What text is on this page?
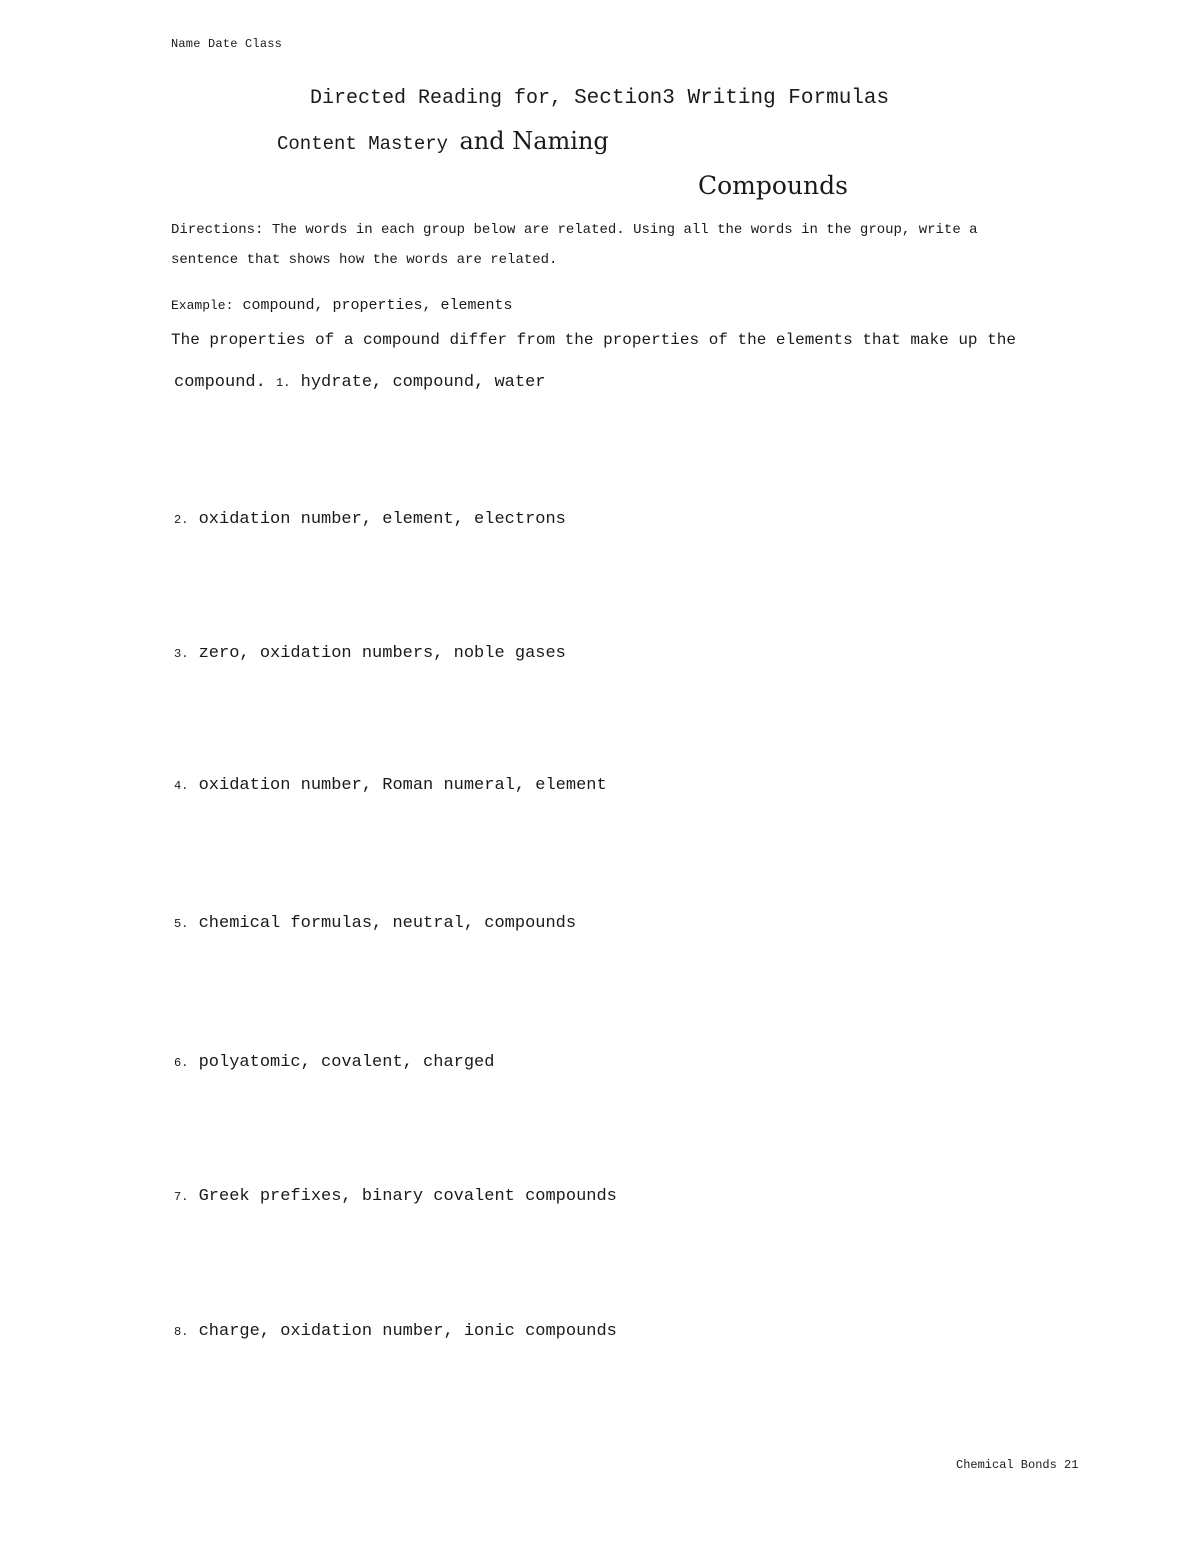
Name Date Class
Directed Reading for, Section3 Writing Formulas
Content Mastery and Naming
Compounds
Directions: The words in each group below are related. Using all the words in the group, write a
sentence that shows how the words are related.
Example: compound, properties, elements
The properties of a compound differ from the properties of the elements that make up the
compound. 1. hydrate, compound, water
2. oxidation number, element, electrons
3. zero, oxidation numbers, noble gases
4. oxidation number, Roman numeral, element
5. chemical formulas, neutral, compounds
6. polyatomic, covalent, charged
7. Greek prefixes, binary covalent compounds
8. charge, oxidation number, ionic compounds
Chemical Bonds 21
